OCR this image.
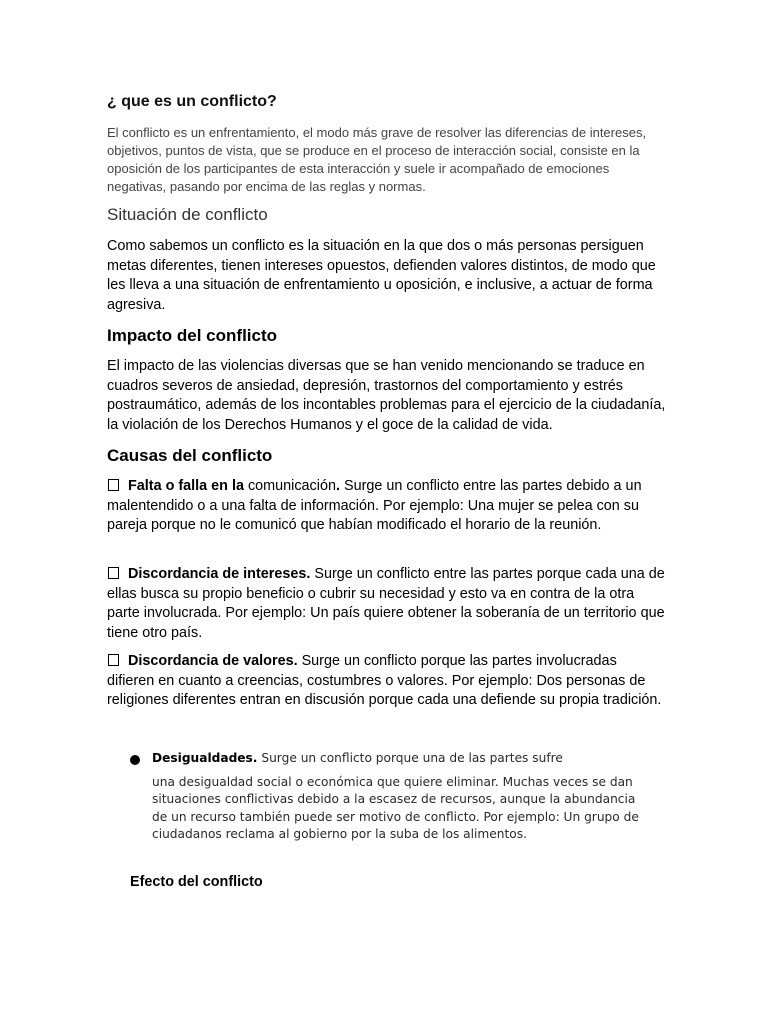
¿ que es un conflicto?

El conflicto es un enfrentamiento, el modo más grave de resolver las diferencias de intereses, objetivos, puntos de vista, que se produce en el proceso de interacción social, consiste en la oposición de los participantes de esta interacción y suele ir acompañado de emociones negativas, pasando por encima de las reglas y normas.

Situación de conflicto

Como sabemos un conflicto es la situación en la que dos o más personas persiguen metas diferentes, tienen intereses opuestos, defienden valores distintos, de modo que les lleva a una situación de enfrentamiento u oposición, e inclusive, a actuar de forma agresiva.

Impacto del conflicto

El impacto de las violencias diversas que se han venido mencionando se traduce en cuadros severos de ansiedad, depresión, trastornos del comportamiento y estrés postraumático, además de los incontables problemas para el ejercicio de la ciudadanía, la violación de los Derechos Humanos y el goce de la calidad de vida.

Causas del conflicto

Falta o falla en la comunicación. Surge un conflicto entre las partes debido a un malentendido o a una falta de información. Por ejemplo: Una mujer se pelea con su pareja porque no le comunicó que habían modificado el horario de la reunión.

Discordancia de intereses. Surge un conflicto entre las partes porque cada una de ellas busca su propio beneficio o cubrir su necesidad y esto va en contra de la otra parte involucrada. Por ejemplo: Un país quiere obtener la soberanía de un territorio que tiene otro país.

Discordancia de valores. Surge un conflicto porque las partes involucradas difieren en cuanto a creencias, costumbres o valores. Por ejemplo: Dos personas de religiones diferentes entran en discusión porque cada una defiende su propia tradición.

Desigualdades. Surge un conflicto porque una de las partes sufre
una desigualdad social o económica que quiere eliminar. Muchas veces se dan situaciones conflictivas debido a la escasez de recursos, aunque la abundancia de un recurso también puede ser motivo de conflicto. Por ejemplo: Un grupo de ciudadanos reclama al gobierno por la suba de los alimentos.

Efecto del conflicto
